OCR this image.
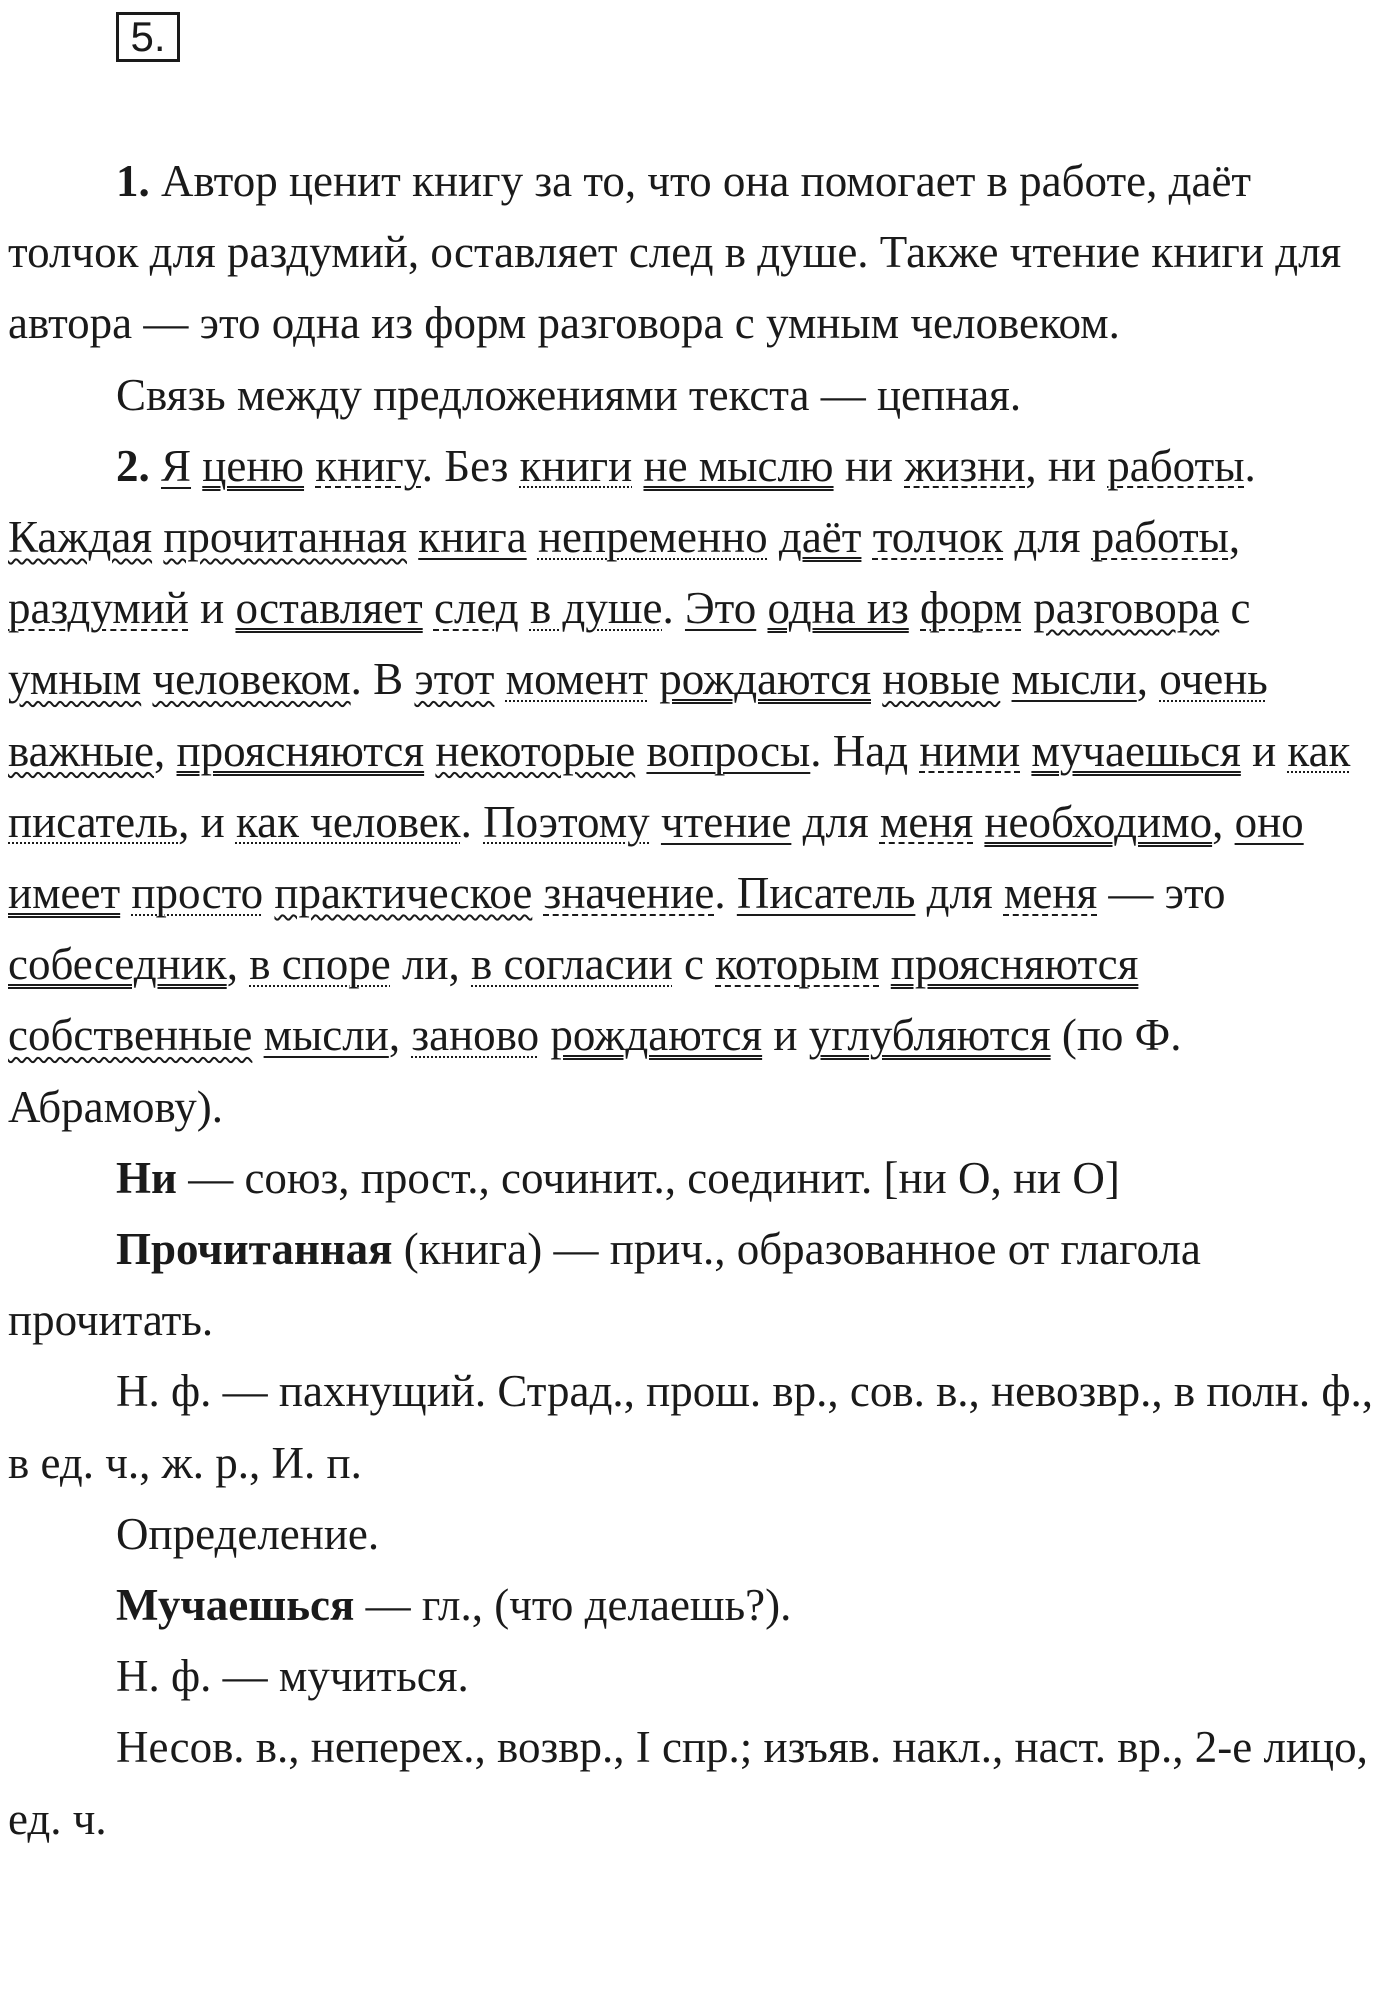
5.

1. Автор ценит книгу за то, что она помогает в работе, даёт толчок для раздумий, оставляет след в душе. Также чтение книги для автора — это одна из форм разговора с умным человеком.

Связь между предложениями текста — цепная.

2. Я ценю книгу. Без книги не мыслю ни жизни, ни работы. Каждая прочитанная книга непременно даёт толчок для работы, раздумий и оставляет след в душе. Это одна из форм разговора с умным человеком. В этот момент рождаются новые мысли, очень важные, проясняются некоторые вопросы. Над ними мучаешься и как писатель, и как человек. Поэтому чтение для меня необходимо, оно имеет просто практическое значение. Писатель для меня — это собеседник, в споре ли, в согласии с которым проясняются собственные мысли, заново рождаются и углубляются (по Ф. Абрамову).

Ни — союз, прост., сочинит., соединит. [ни О, ни О]

Прочитанная (книга) — прич., образованное от глагола прочитать.

Н. ф. — пахнущий. Страд., прош. вр., сов. в., невозвр., в полн. ф., в ед. ч., ж. р., И. п.

Определение.

Мучаешься — гл., (что делаешь?).

Н. ф. — мучиться.

Несов. в., неперех., возвр., I спр.; изъяв. накл., наст. вр., 2-е лицо, ед. ч.
